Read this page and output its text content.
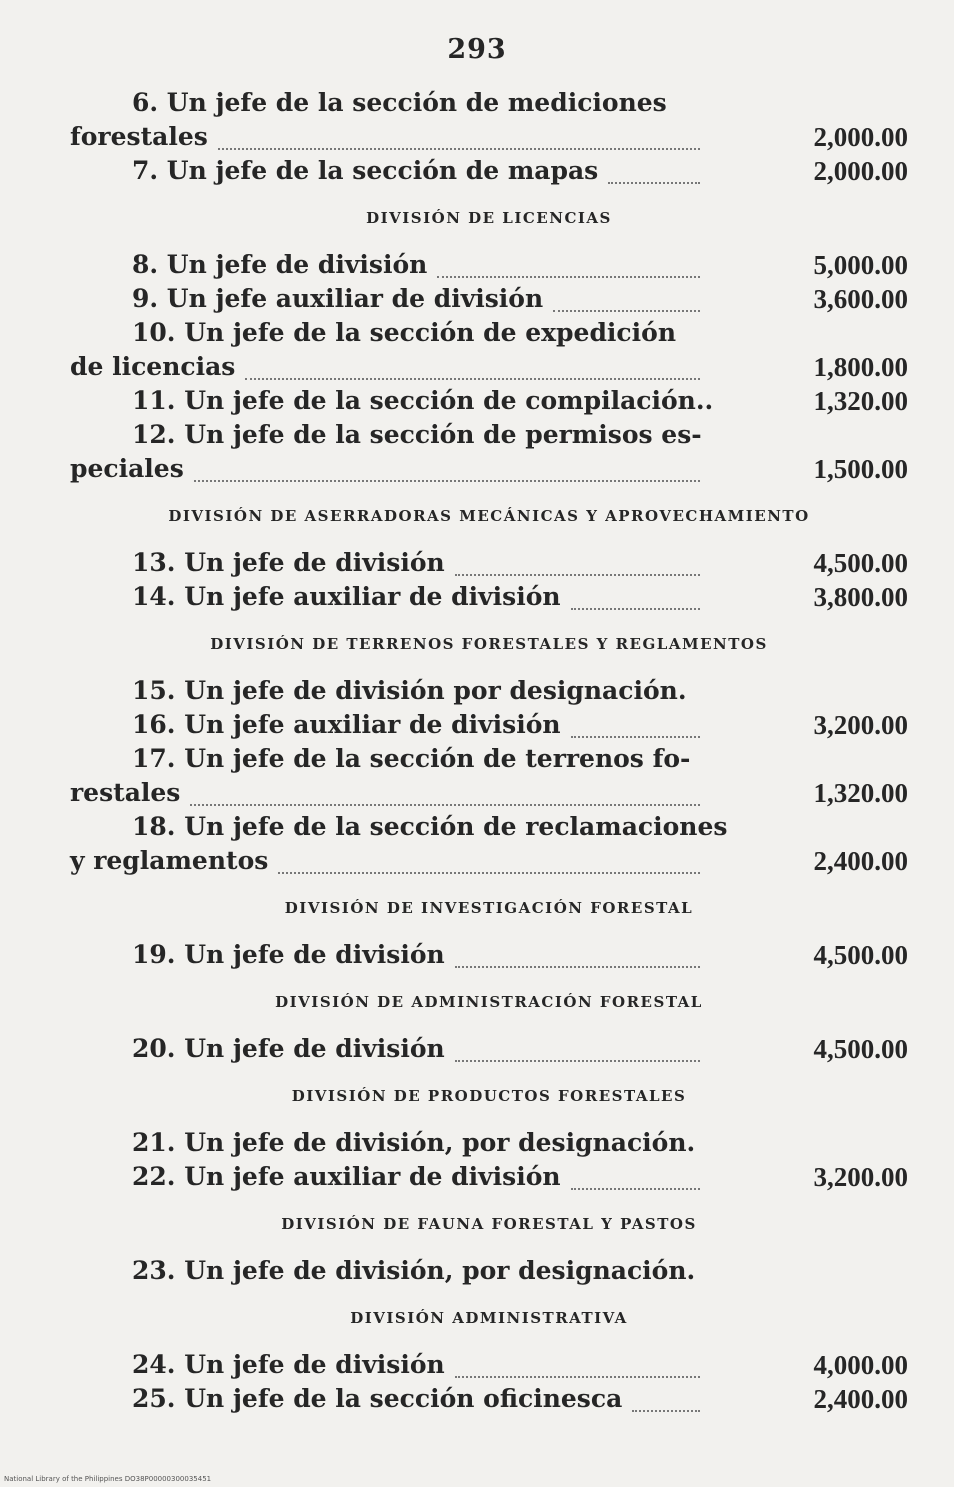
293
6. Un jefe de la sección de mediciones
forestales	2,000.00
7. Un jefe de la sección de mapas	2,000.00
DIVISIÓN DE LICENCIAS
8. Un jefe de división	5,000.00
9. Un jefe auxiliar de división	3,600.00
10. Un jefe de la sección de expedición
de licencias	1,800.00
11. Un jefe de la sección de compilación..	1,320.00
12. Un jefe de la sección de permisos es-
peciales	1,500.00
DIVISIÓN DE ASERRADORAS MECÁNICAS Y APROVECHAMIENTO
13. Un jefe de división	4,500.00
14. Un jefe auxiliar de división	3,800.00
DIVISIÓN DE TERRENOS FORESTALES Y REGLAMENTOS
15. Un jefe de división por designación.
16. Un jefe auxiliar de división	3,200.00
17. Un jefe de la sección de terrenos fo-
restales	1,320.00
18. Un jefe de la sección de reclamaciones
y reglamentos	2,400.00
DIVISIÓN DE INVESTIGACIÓN FORESTAL
19. Un jefe de división	4,500.00
DIVISIÓN DE ADMINISTRACIÓN FORESTAL
20. Un jefe de división	4,500.00
DIVISIÓN DE PRODUCTOS FORESTALES
21. Un jefe de división, por designación.
22. Un jefe auxiliar de división	3,200.00
DIVISIÓN DE FAUNA FORESTAL Y PASTOS
23. Un jefe de división, por designación.
DIVISIÓN ADMINISTRATIVA
24. Un jefe de división	4,000.00
25. Un jefe de la sección oficinesca	2,400.00
National Library of the Philippines DO38P00000300035451
